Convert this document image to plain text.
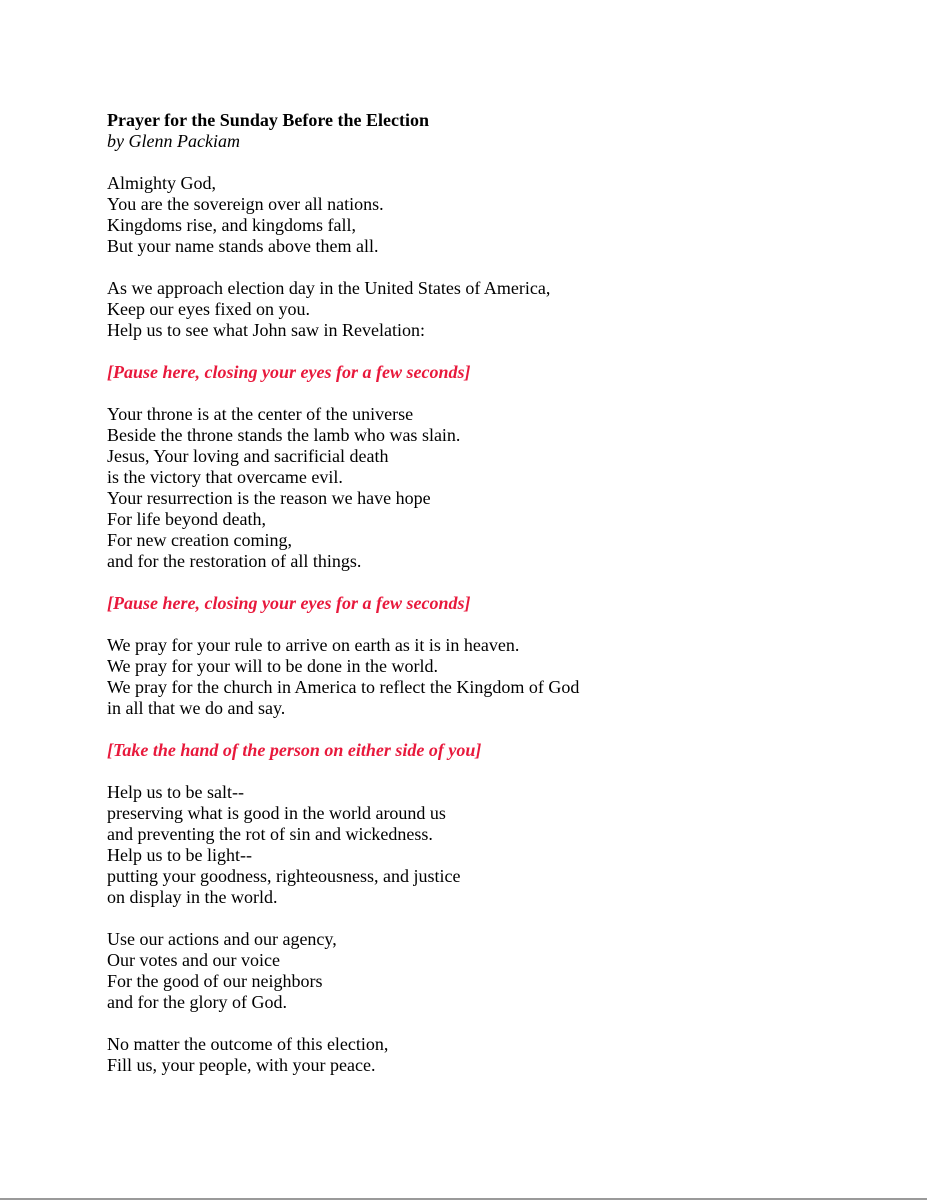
Prayer for the Sunday Before the Election
by Glenn Packiam
Almighty God,
You are the sovereign over all nations.
Kingdoms rise, and kingdoms fall,
But your name stands above them all.
As we approach election day in the United States of America,
Keep our eyes fixed on you.
Help us to see what John saw in Revelation:
[Pause here, closing your eyes for a few seconds]
Your throne is at the center of the universe
Beside the throne stands the lamb who was slain.
Jesus, Your loving and sacrificial death
is the victory that overcame evil.
Your resurrection is the reason we have hope
For life beyond death,
For new creation coming,
and for the restoration of all things.
[Pause here, closing your eyes for a few seconds]
We pray for your rule to arrive on earth as it is in heaven.
We pray for your will to be done in the world.
We pray for the church in America to reflect the Kingdom of God
in all that we do and say.
[Take the hand of the person on either side of you]
Help us to be salt--
preserving what is good in the world around us
and preventing the rot of sin and wickedness.
Help us to be light--
putting your goodness, righteousness, and justice
on display in the world.
Use our actions and our agency,
Our votes and our voice
For the good of our neighbors
and for the glory of God.
No matter the outcome of this election,
Fill us, your people, with your peace.
